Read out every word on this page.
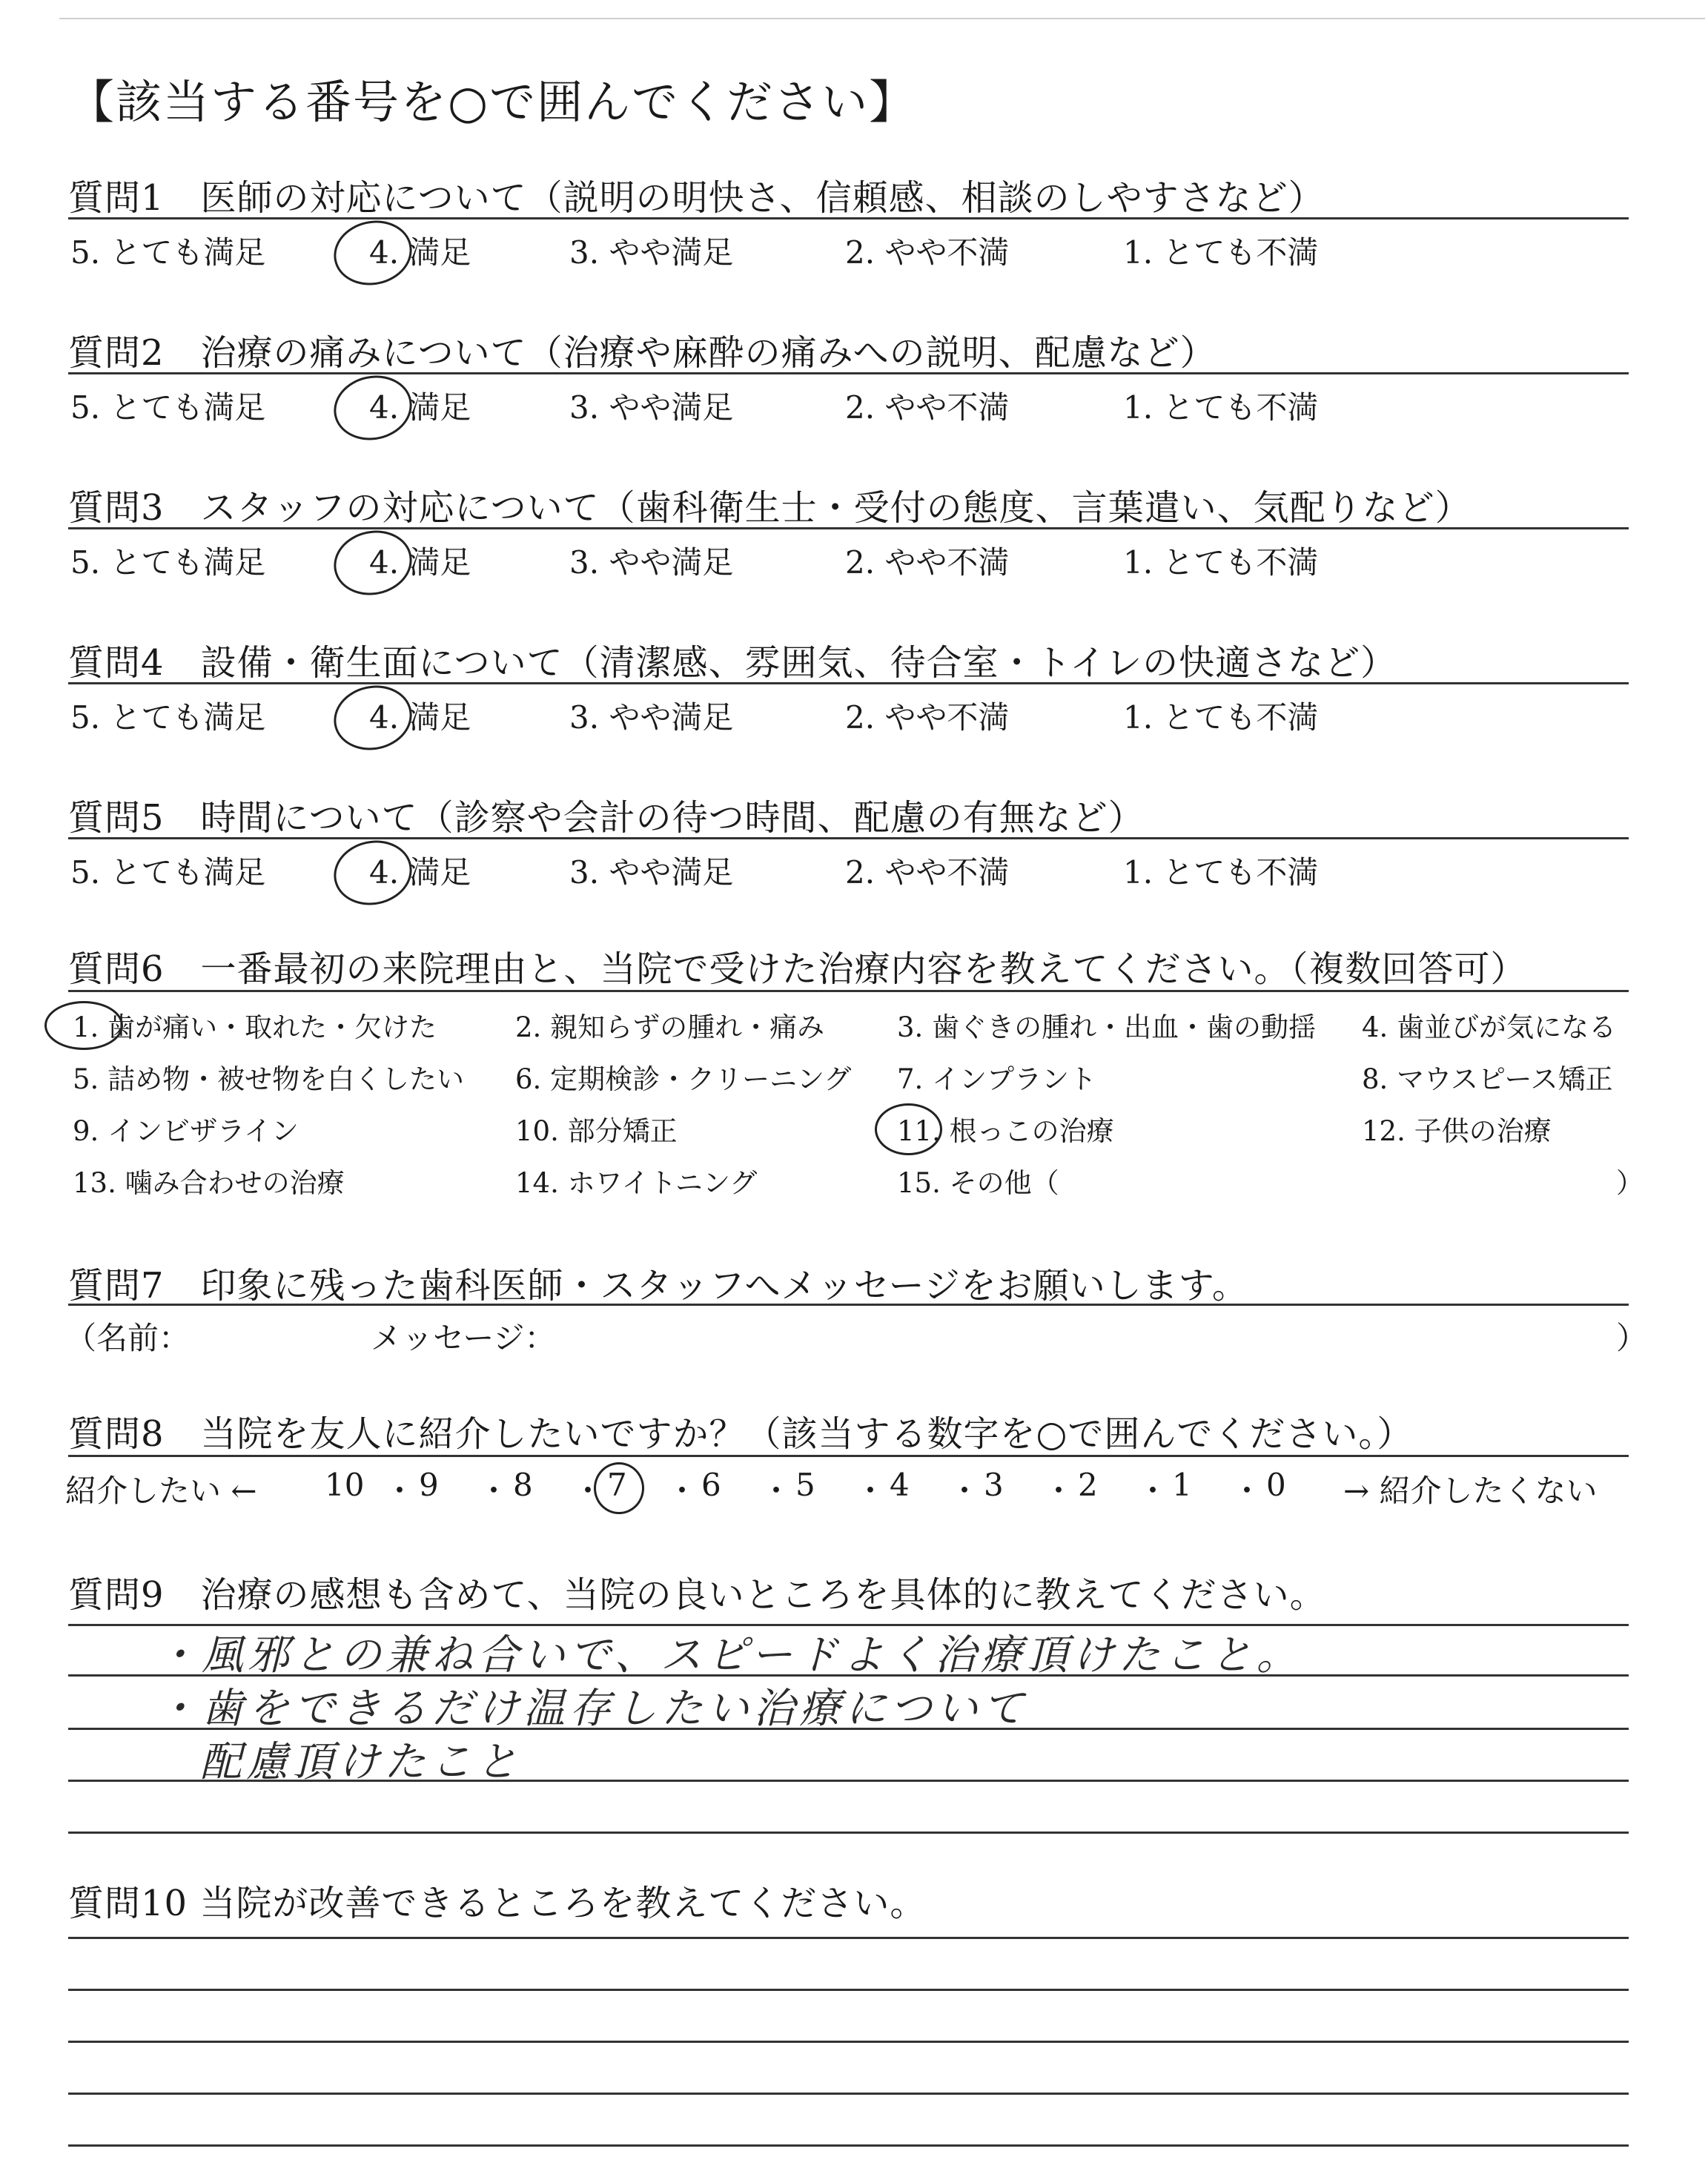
【該当する番号を○で囲んでください】
質問1　医師の対応について（説明の明快さ、信頼感、相談のしやすさなど）
5. とても満足	4. 満足	3. やや満足	2. やや不満	1. とても不満
質問2　治療の痛みについて（治療や麻酔の痛みへの説明、配慮など）
5. とても満足	4. 満足	3. やや満足	2. やや不満	1. とても不満
質問3　スタッフの対応について（歯科衛生士・受付の態度、言葉遣い、気配りなど）
5. とても満足	4. 満足	3. やや満足	2. やや不満	1. とても不満
質問4　設備・衛生面について（清潔感、雰囲気、待合室・トイレの快適さなど）
5. とても満足	4. 満足	3. やや満足	2. やや不満	1. とても不満
質問5　時間について（診察や会計の待つ時間、配慮の有無など）
5. とても満足	4. 満足	3. やや満足	2. やや不満	1. とても不満
質問6　一番最初の来院理由と、当院で受けた治療内容を教えてください。（複数回答可）
1. 歯が痛い・取れた・欠けた	2. 親知らずの腫れ・痛み	3. 歯ぐきの腫れ・出血・歯の動揺 4. 歯並びが気になる
5. 詰め物・被せ物を白くしたい 6. 定期検診・クリーニング 7. インプラント	8. マウスピース矯正
9. インビザライン	10. 部分矯正	11. 根っこの治療	12. 子供の治療
13. 噛み合わせの治療	14. ホワイトニング	15. その他（	）
質問7　印象に残った歯科医師・スタッフへメッセージをお願いします。
（名前：	メッセージ：	）
質問8　当院を友人に紹介したいですか？（該当する数字を○で囲んでください。）
紹介したい ← 10 ・ 9 ・ 8 ・ 7 ・ 6 ・ 5 ・ 4 ・ 3 ・ 2 ・ 1 ・ 0 → 紹介したくない
質問9　治療の感想も含めて、当院の良いところを具体的に教えてください。
・風邪との兼ね合いで、スピードよく治療頂けたこと。
・歯をできるだけ温存したい治療について
配慮頂けたこと
質問10 当院が改善できるところを教えてください。
